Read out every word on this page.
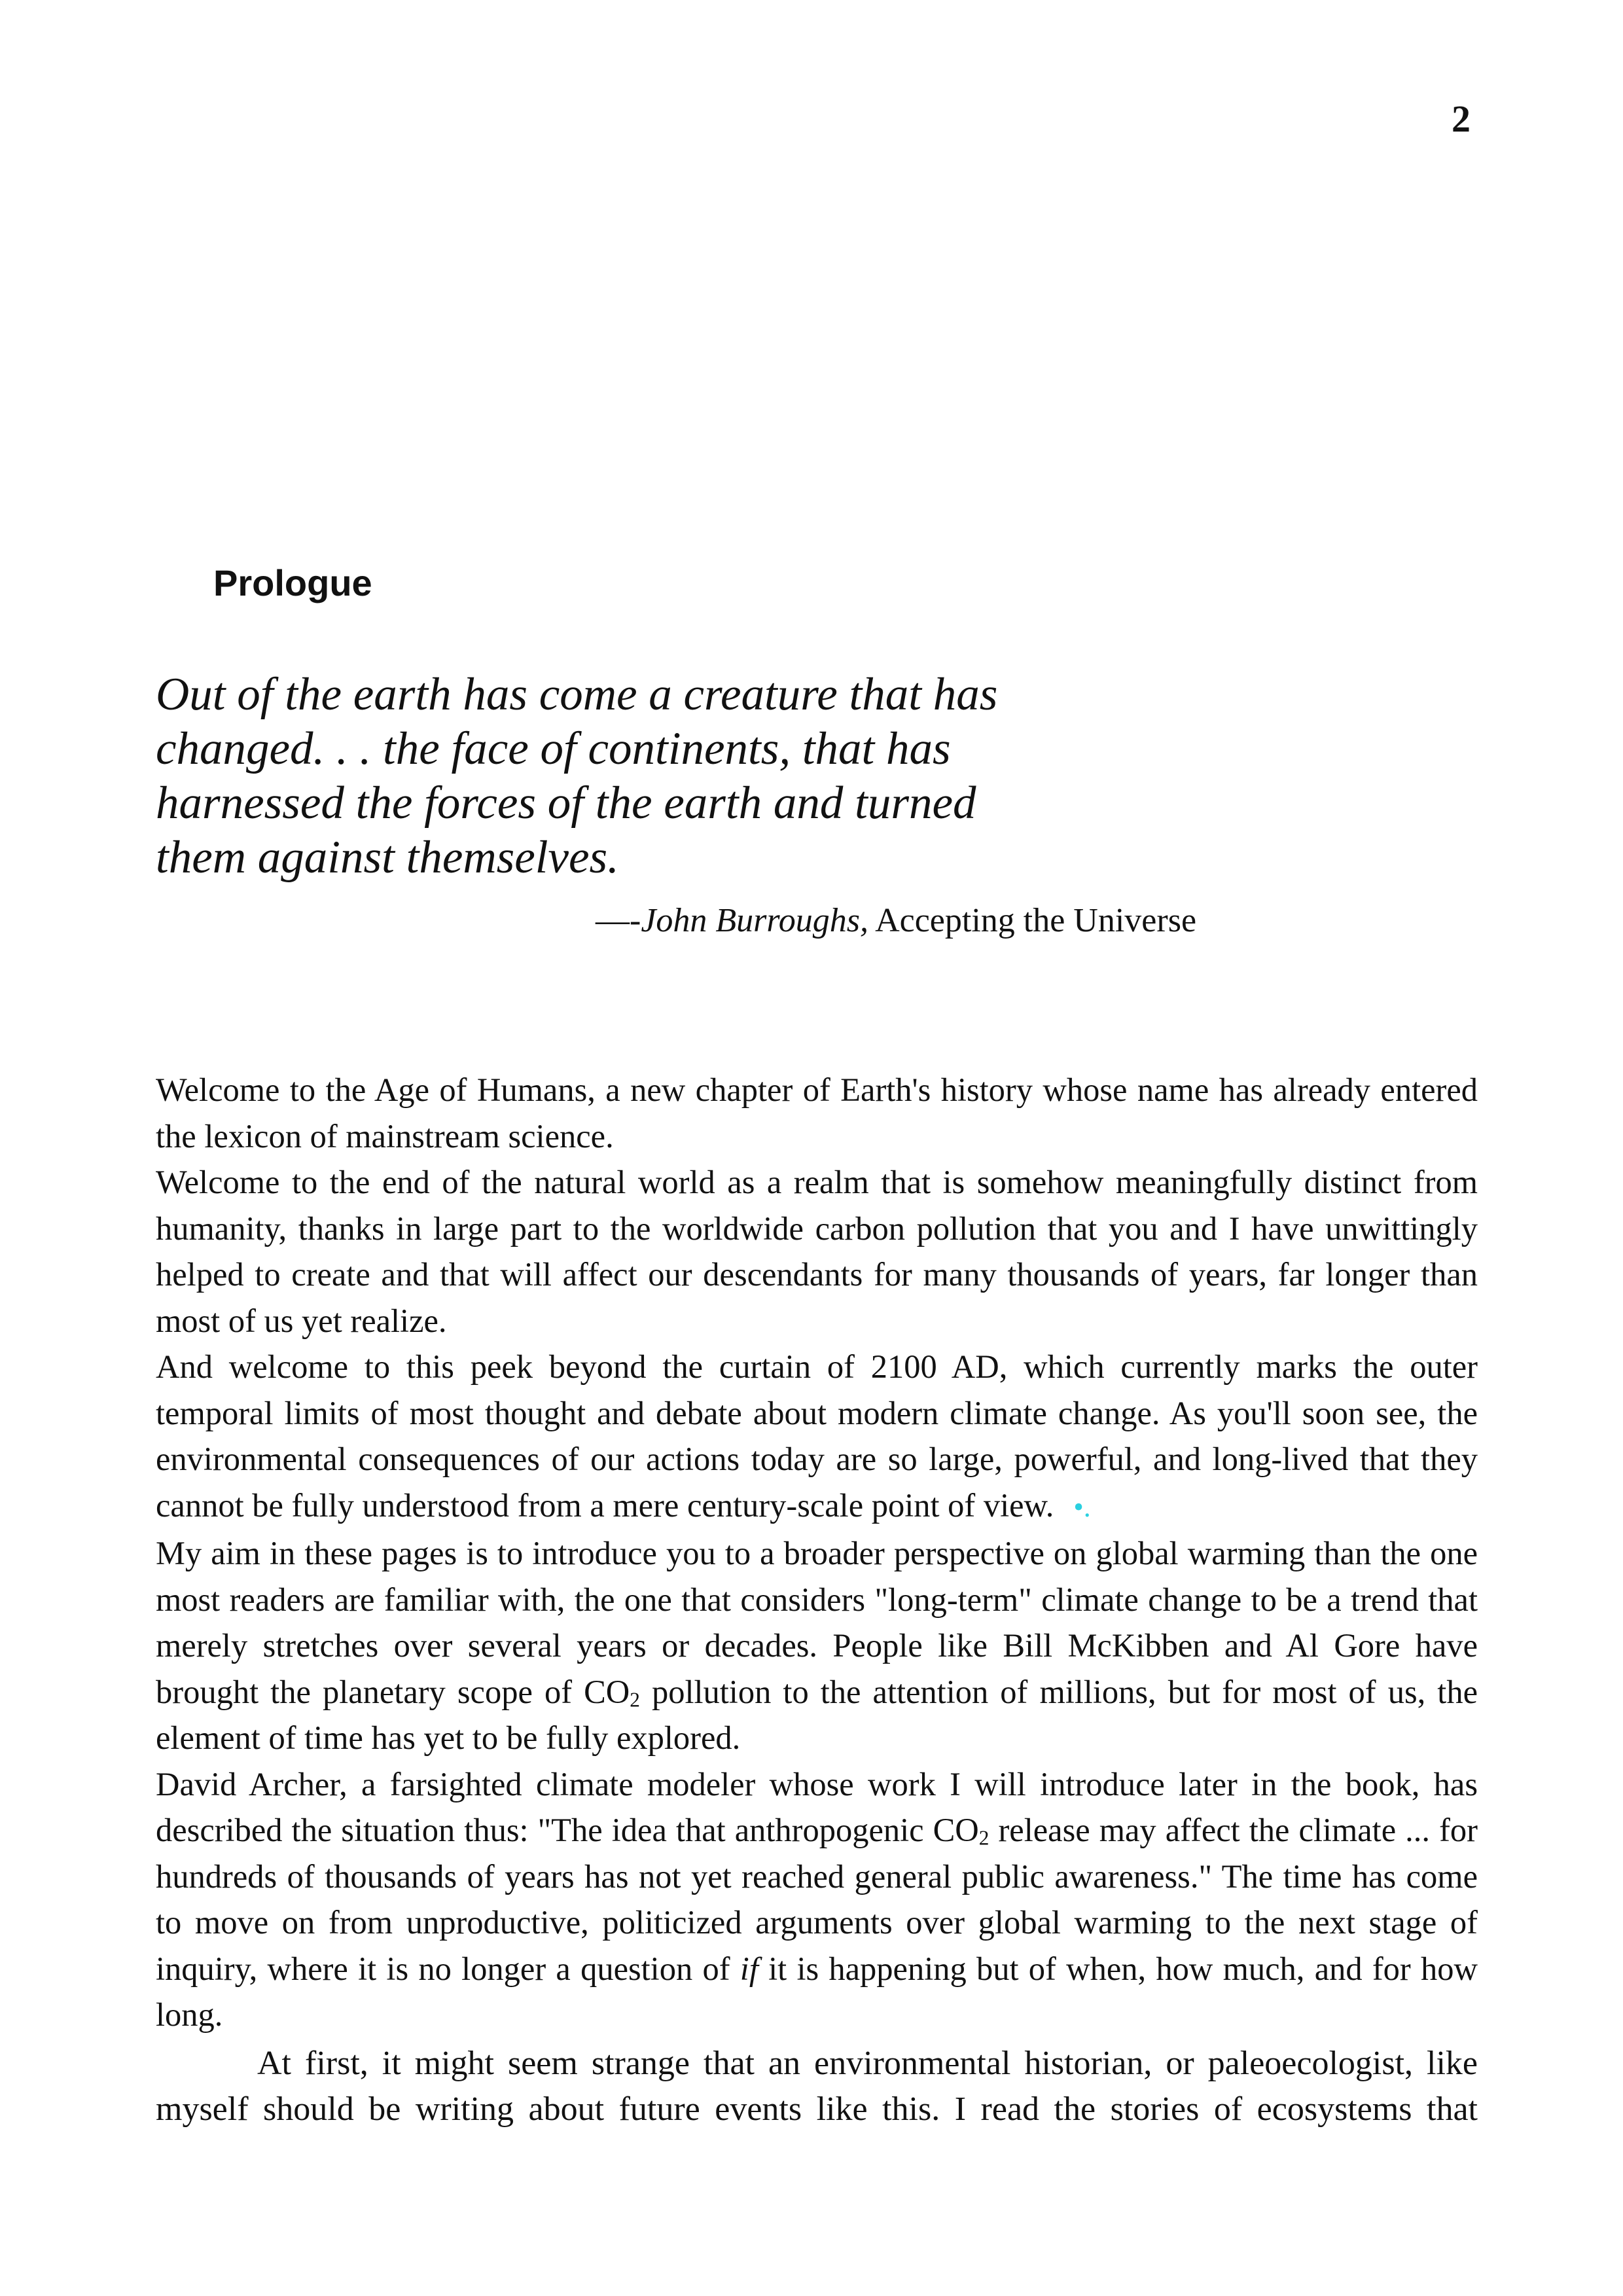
2
Prologue

Out of the earth has come a creature that has

changed. . . the face of continents, that has

harnessed the forces of the earth and turned

them against themselves.

—-John Burroughs, Accepting the Universe

Welcome to the Age of Humans, a new chapter of Earth's history whose name has already entered the lexicon of mainstream science.

Welcome to the end of the natural world as a realm that is somehow meaningfully distinct from humanity, thanks in large part to the worldwide carbon pollution that you and I have unwittingly helped to create and that will affect our descendants for many thousands of years, far longer than most of us yet realize.

And welcome to this peek beyond the curtain of 2100 AD, which currently marks the outer temporal limits of most thought and debate about modern climate change. As you'll soon see, the environmental consequences of our actions today are so large, powerful, and long-lived that they cannot be fully understood from a mere century-scale point of view. •.

My aim in these pages is to introduce you to a broader perspective on global warming than the one most readers are familiar with, the one that considers "long-term" climate change to be a trend that merely stretches over several years or decades. People like Bill McKibben and Al Gore have brought the planetary scope of $CO_2$ pollution to the attention of millions, but for most of us, the element of time has yet to be fully explored.

David Archer, a farsighted climate modeler whose work I will introduce later in the book, has described the situation thus: "The idea that anthropogenic $CO_2$ release may affect the climate ... for hundreds of thousands of years has not yet reached general public awareness." The time has come to move on from unproductive, politicized arguments over global warming to the next stage of inquiry, where it is no longer a question of if it is happening but of when, how much, and for how long.

At first, it might seem strange that an environmental historian, or paleoecologist, like myself should be writing about future events like this. I read the stories of ecosystems that
